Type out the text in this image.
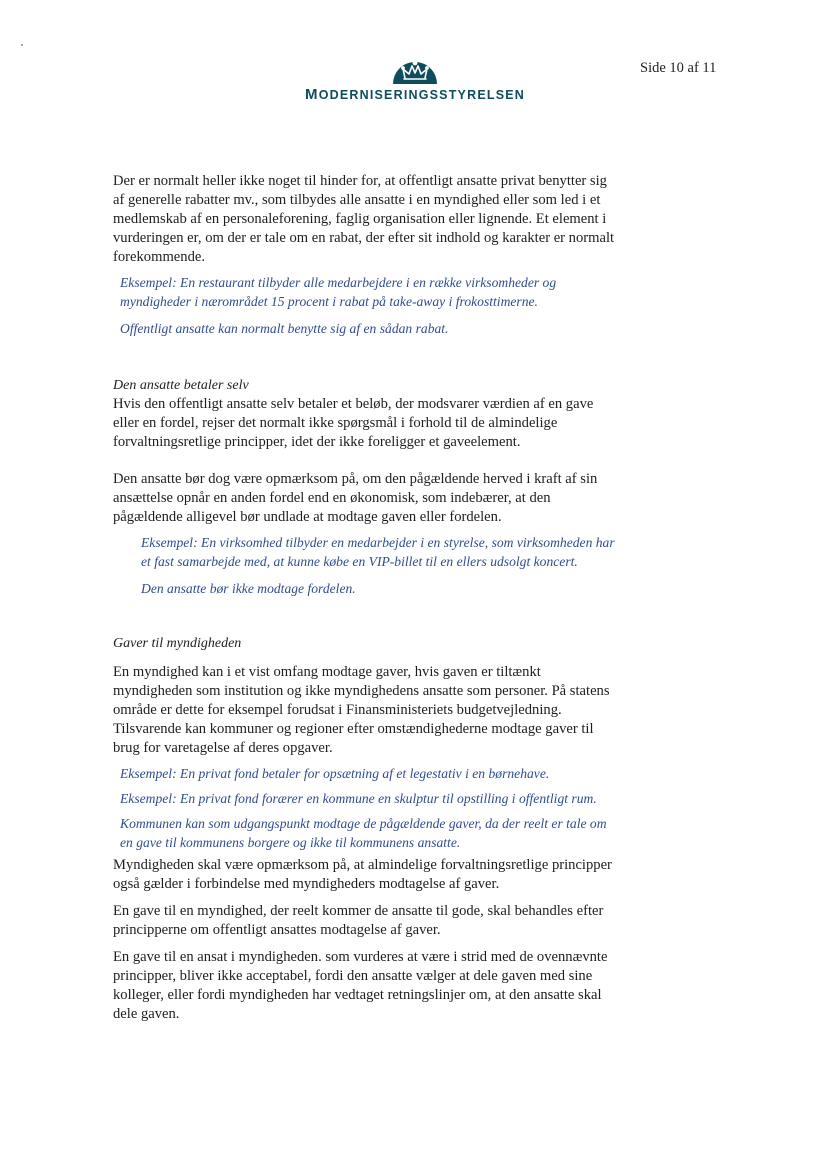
Side 10 af 11
MODERNISERINGSSTYRELSEN

Der er normalt heller ikke noget til hinder for, at offentligt ansatte privat benytter sig af generelle rabatter mv., som tilbydes alle ansatte i en myndighed eller som led i et medlemskab af en personaleforening, faglig organisation eller lignende. Et element i vurderingen er, om der er tale om en rabat, der efter sit indhold og karakter er normalt forekommende.

Eksempel: En restaurant tilbyder alle medarbejdere i en række virksomheder og myndigheder i nærområdet 15 procent i rabat på take-away i frokosttimerne.

Offentligt ansatte kan normalt benytte sig af en sådan rabat.

Den ansatte betaler selv

Hvis den offentligt ansatte selv betaler et beløb, der modsvarer værdien af en gave eller en fordel, rejser det normalt ikke spørgsmål i forhold til de almindelige forvaltningsretlige principper, idet der ikke foreligger et gaveelement.

Den ansatte bør dog være opmærksom på, om den pågældende herved i kraft af sin ansættelse opnår en anden fordel end en økonomisk, som indebærer, at den pågældende alligevel bør undlade at modtage gaven eller fordelen.

Eksempel: En virksomhed tilbyder en medarbejder i en styrelse, som virksomheden har et fast samarbejde med, at kunne købe en VIP-billet til en ellers udsolgt koncert.

Den ansatte bør ikke modtage fordelen.

Gaver til myndigheden

En myndighed kan i et vist omfang modtage gaver, hvis gaven er tiltænkt myndigheden som institution og ikke myndighedens ansatte som personer. På statens område er dette for eksempel forudsat i Finansministeriets budgetvejledning. Tilsvarende kan kommuner og regioner efter omstændighederne modtage gaver til brug for varetagelse af deres opgaver.

Eksempel: En privat fond betaler for opsætning af et legestativ i en børnehave.

Eksempel: En privat fond forærer en kommune en skulptur til opstilling i offentligt rum.

Kommunen kan som udgangspunkt modtage de pågældende gaver, da der reelt er tale om en gave til kommunens borgere og ikke til kommunens ansatte.

Myndigheden skal være opmærksom på, at almindelige forvaltningsretlige principper også gælder i forbindelse med myndigheders modtagelse af gaver.

En gave til en myndighed, der reelt kommer de ansatte til gode, skal behandles efter principperne om offentligt ansattes modtagelse af gaver.

En gave til en ansat i myndigheden. som vurderes at være i strid med de ovennævnte principper, bliver ikke acceptabel, fordi den ansatte vælger at dele gaven med sine kolleger, eller fordi myndigheden har vedtaget retningslinjer om, at den ansatte skal dele gaven.
